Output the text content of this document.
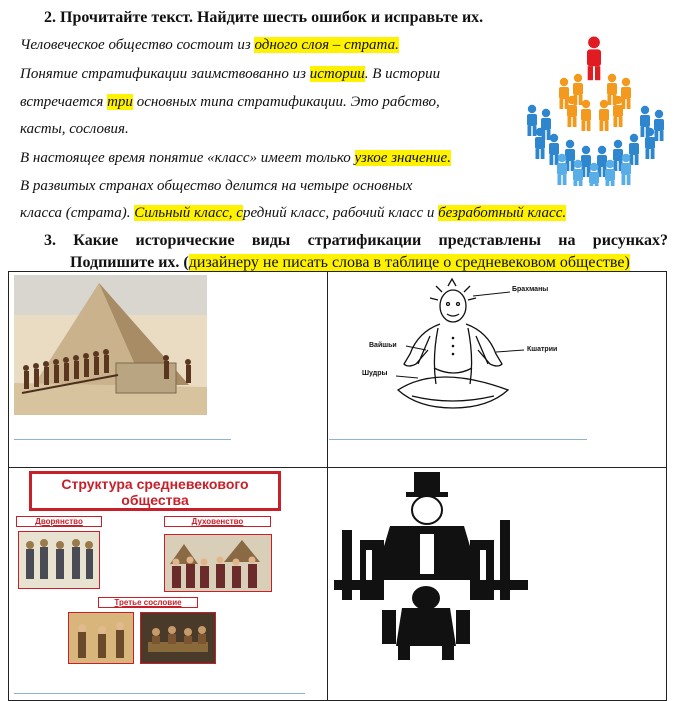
2. Прочитайте текст. Найдите шесть ошибок и исправьте их.
Человеческое общество состоит из одного слоя – страта.
Понятие стратификации заимствованно из истории. В истории
встречается три основных типа стратификации. Это рабство,
касты, сословия.
В настоящее время понятие «класс» имеет только узкое значение.
В развитых странах общество делится на четыре основных
класса (страта). Сильный класс, средний класс, рабочий класс и безработный класс.
3. Какие исторические виды стратификации представлены на рисунках?
Подпишите их. (дизайнеру не писать слова в таблице о средневековом обществе)
Брахманы
Вайшьи
Кшатрии
Шудры
Структура средневекового общества
Дворянство	Духовенство
Третье сословие
